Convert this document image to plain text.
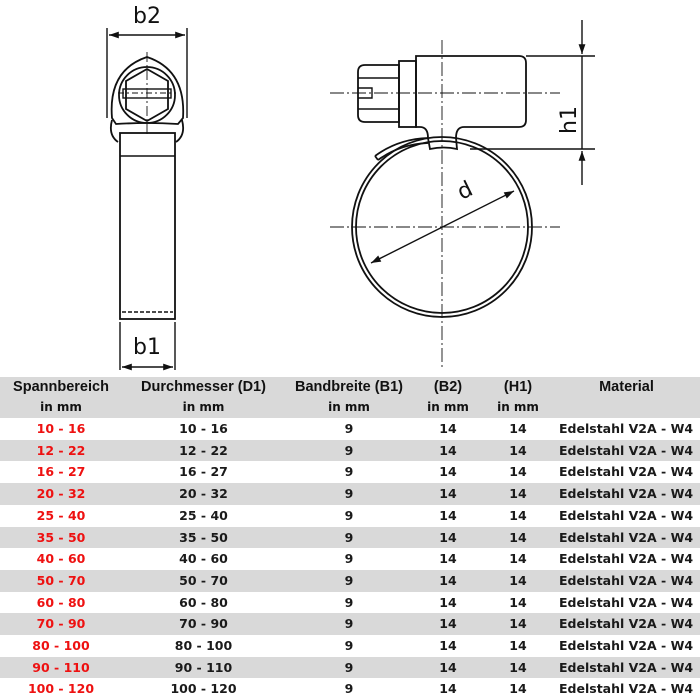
b2
b1
h1
d
Spannbereich	Durchmesser (D1)	Bandbreite (B1)	(B2)	(H1)	Material
in mm	in mm	in mm	in mm	in mm	
10 - 16	10 - 16	9	14	14	Edelstahl V2A - W4
12 - 22	12 - 22	9	14	14	Edelstahl V2A - W4
16 - 27	16 - 27	9	14	14	Edelstahl V2A - W4
20 - 32	20 - 32	9	14	14	Edelstahl V2A - W4
25 - 40	25 - 40	9	14	14	Edelstahl V2A - W4
35 - 50	35 - 50	9	14	14	Edelstahl V2A - W4
40 - 60	40 - 60	9	14	14	Edelstahl V2A - W4
50 - 70	50 - 70	9	14	14	Edelstahl V2A - W4
60 - 80	60 - 80	9	14	14	Edelstahl V2A - W4
70 - 90	70 - 90	9	14	14	Edelstahl V2A - W4
80 - 100	80 - 100	9	14	14	Edelstahl V2A - W4
90 - 110	90 - 110	9	14	14	Edelstahl V2A - W4
100 - 120	100 - 120	9	14	14	Edelstahl V2A - W4
